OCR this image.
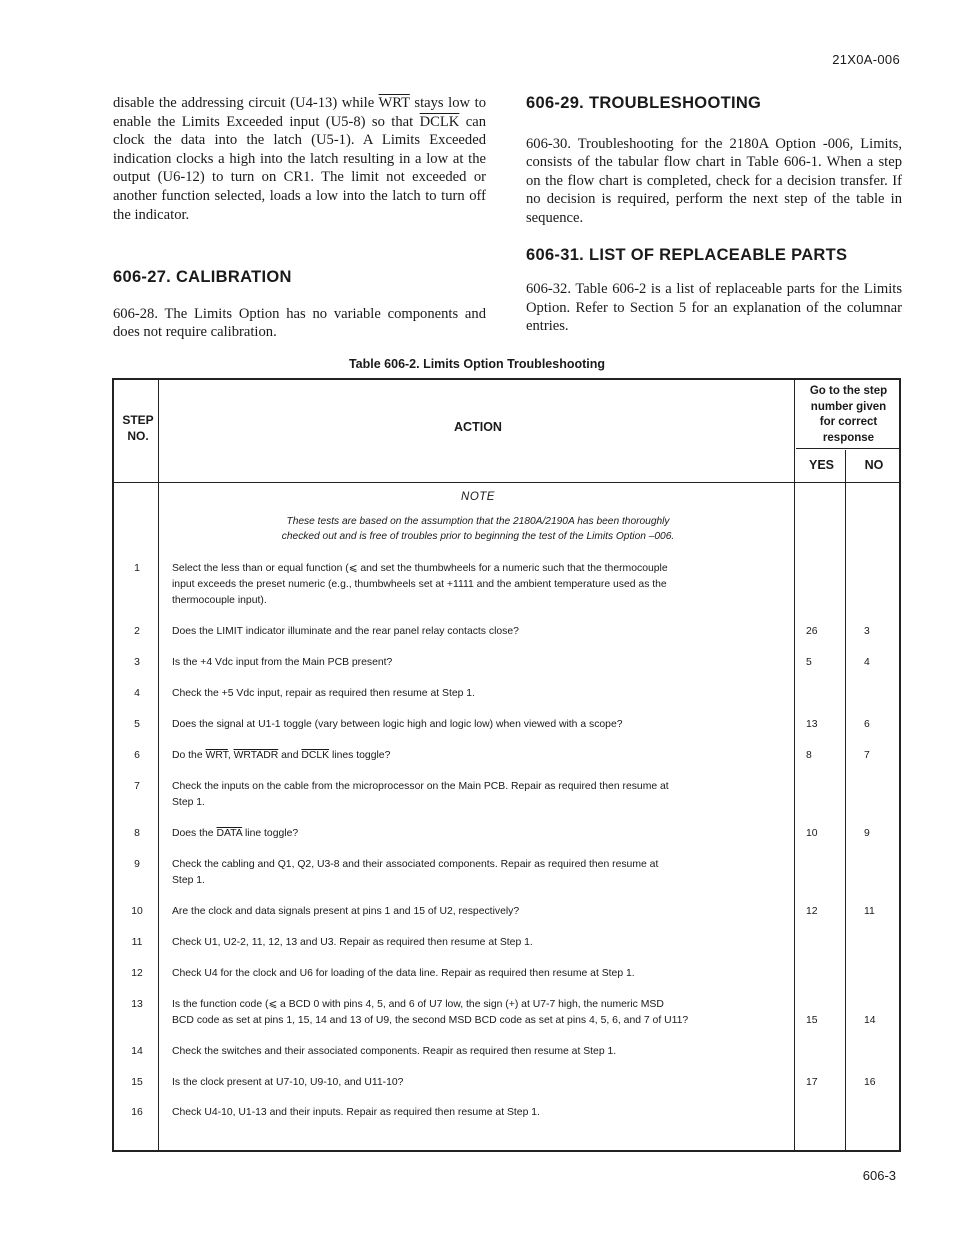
21X0A-006

disable the addressing circuit (U4-13) while $\overline{WRT}$ stays low to enable the Limits Exceeded input (U5-8) so that DCLK can clock the data into the latch (U5-1). A Limits Exceeded indication clocks a high into the latch resulting in a low at the output (U6-12) to turn on CR1. The limit not exceeded or another function selected, loads a low into the latch to turn off the indicator.

606-27. CALIBRATION

606-28. The Limits Option has no variable components and does not require calibration.

606-29. TROUBLESHOOTING

606-30. Troubleshooting for the 2180A Option -006, Limits, consists of the tabular flow chart in Table 606-1. When a step on the flow chart is completed, check for a decision transfer. If no decision is required, perform the next step of the table in sequence.

606-31. LIST OF REPLACEABLE PARTS

606-32. Table 606-2 is a list of replaceable parts for the Limits Option. Refer to Section 5 for an explanation of the columnar entries.

Table 606-2. Limits Option Troubleshooting
STEP
NO.
ACTION
Go to the step
number given
for correct
response
YES	NO
NOTE
These tests are based on the assumption that the 2180A/2190A has been thoroughly
checked out and is free of troubles prior to beginning the test of the Limits Option –006.
1	Select the less than or equal function (⩽ and set the thumbwheels for a numeric such that the thermocouple
input exceeds the preset numeric (e.g., thumbwheels set at +1111 and the ambient temperature used as the
thermocouple input).
2	Does the LIMIT indicator illuminate and the rear panel relay contacts close?	26	3
3	Is the +4 Vdc input from the Main PCB present?	5	4
4	Check the +5 Vdc input, repair as required then resume at Step 1.
5	Does the signal at U1-1 toggle (vary between logic high and logic low) when viewed with a scope?	13	6
6	Do the $\overline{WRT}$, WRTADR and DCLK lines toggle?	8	7
7	Check the inputs on the cable from the microprocessor on the Main PCB. Repair as required then resume at
Step 1.
8	Does the DATA line toggle?	10	9
9	Check the cabling and Q1, Q2, U3-8 and their associated components. Repair as required then resume at
Step 1.
10	Are the clock and data signals present at pins 1 and 15 of U2, respectively?	12	11
11	Check U1, U2-2, 11, 12, 13 and U3. Repair as required then resume at Step 1.
12	Check U4 for the clock and U6 for loading of the data line. Repair as required then resume at Step 1.
13	Is the function code (⩽ a BCD 0 with pins 4, 5, and 6 of U7 low, the sign (+) at U7-7 high, the numeric MSD
BCD code as set at pins 1, 15, 14 and 13 of U9, the second MSD BCD code as set at pins 4, 5, 6, and 7 of U11?	15	14
14	Check the switches and their associated components. Reapir as required then resume at Step 1.
15	Is the clock present at U7-10, U9-10, and U11-10?	17	16
16	Check U4-10, U1-13 and their inputs. Repair as required then resume at Step 1.
606-3
